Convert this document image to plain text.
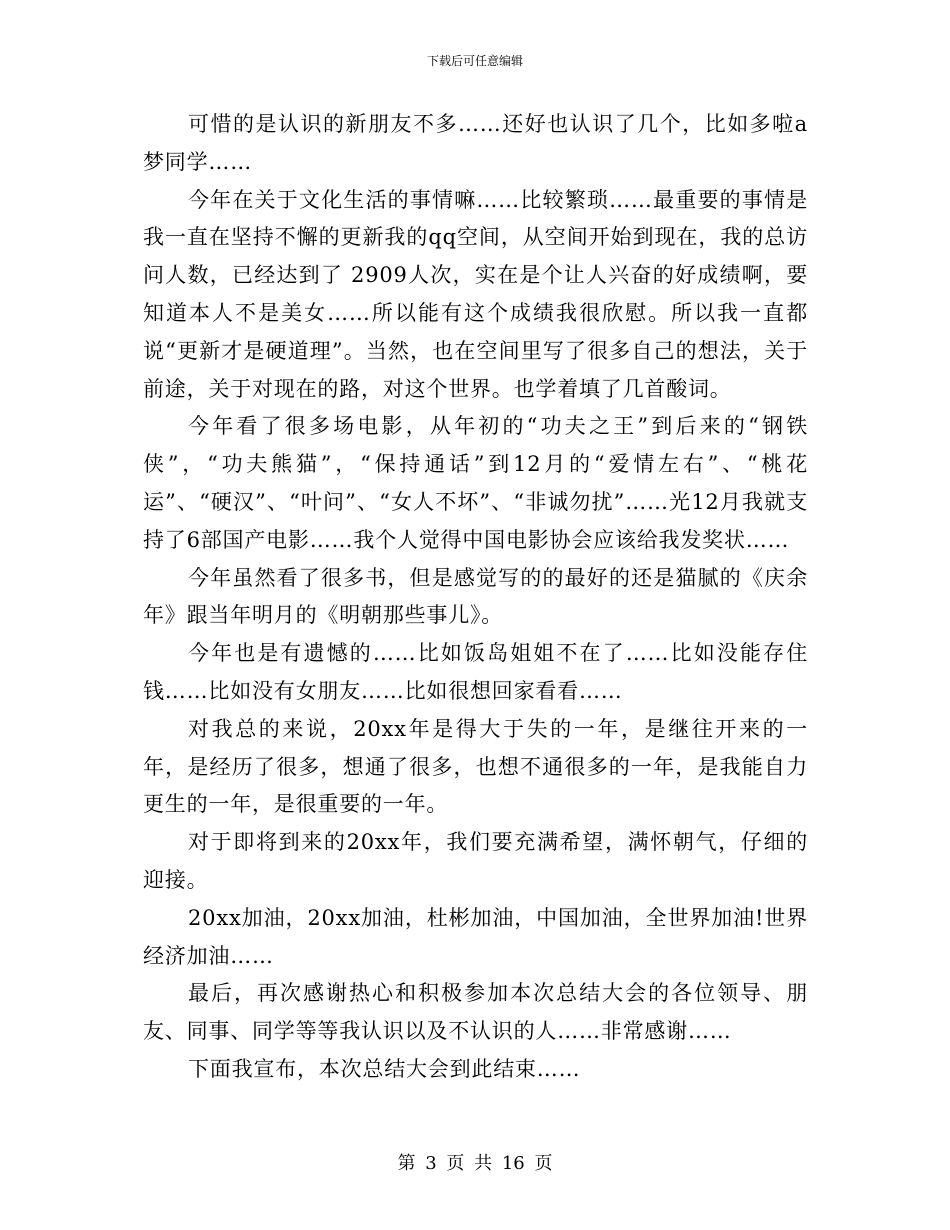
下载后可任意编辑

可惜的是认识的新朋友不多……还好也认识了几个，比如多啦a梦同学……

今年在关于文化生活的事情嘛……比较繁琐……最重要的事情是我一直在坚持不懈的更新我的qq空间，从空间开始到现在，我的总访问人数，已经达到了 2909人次，实在是个让人兴奋的好成绩啊，要知道本人不是美女……所以能有这个成绩我很欣慰。所以我一直都说“更新才是硬道理”。当然，也在空间里写了很多自己的想法，关于前途，关于对现在的路，对这个世界。也学着填了几首酸词。

今年看了很多场电影，从年初的“功夫之王”到后来的“钢铁侠”，“功夫熊猫”，“保持通话”到12月的“爱情左右”、“桃花运”、“硬汉”、“叶问”、“女人不坏”、“非诚勿扰”……光12月我就支持了6部国产电影……我个人觉得中国电影协会应该给我发奖状……

今年虽然看了很多书，但是感觉写的的最好的还是猫腻的《庆余年》跟当年明月的《明朝那些事儿》。

今年也是有遗憾的……比如饭岛姐姐不在了……比如没能存住钱……比如没有女朋友……比如很想回家看看……

对我总的来说，20xx年是得大于失的一年，是继往开来的一年，是经历了很多，想通了很多，也想不通很多的一年，是我能自力更生的一年，是很重要的一年。

对于即将到来的20xx年，我们要充满希望，满怀朝气，仔细的迎接。

20xx加油，20xx加油，杜彬加油，中国加油，全世界加油!世界经济加油……

最后，再次感谢热心和积极参加本次总结大会的各位领导、朋友、同事、同学等等我认识以及不认识的人……非常感谢……

下面我宣布，本次总结大会到此结束……

第 3 页 共 16 页
